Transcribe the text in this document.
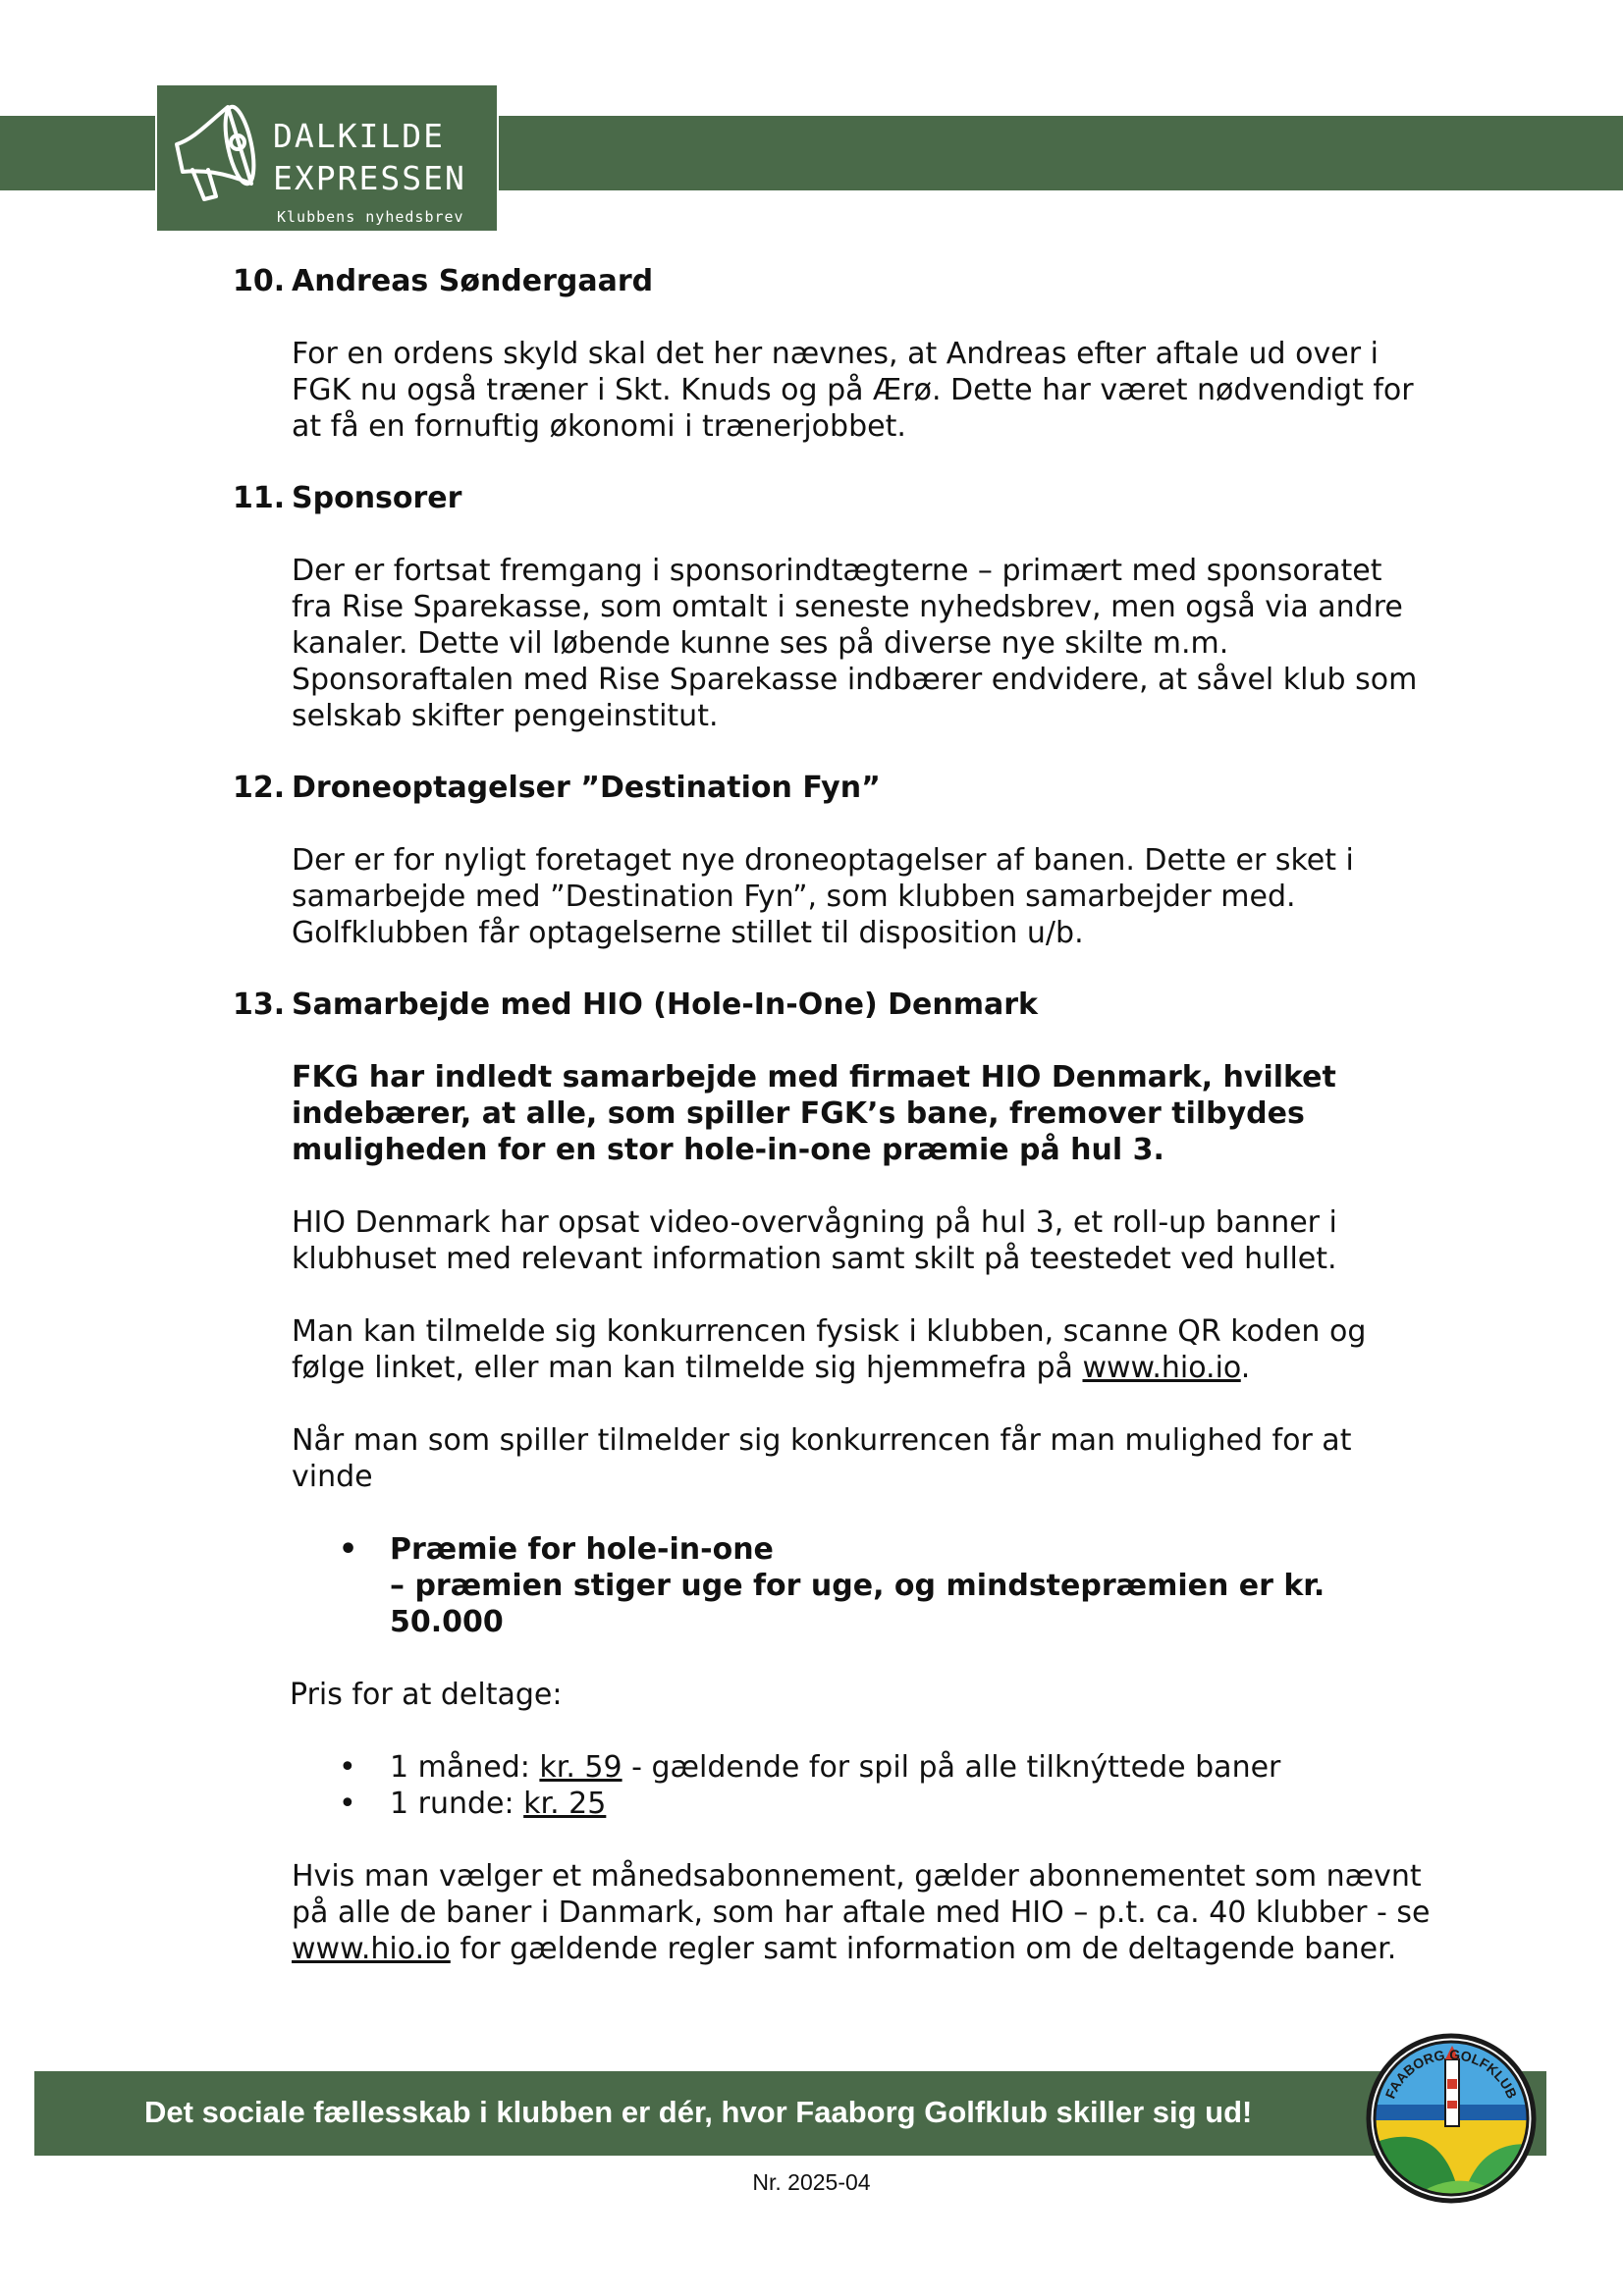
DALKILDE
EXPRESSEN
Klubbens nyhedsbrev
10. Andreas Søndergaard

For en ordens skyld skal det her nævnes, at Andreas efter aftale ud over i FGK nu også træner i Skt. Knuds og på Ærø. Dette har været nødvendigt for at få en fornuftig økonomi i trænerjobbet.

11. Sponsorer

Der er fortsat fremgang i sponsorindtægterne – primært med sponsoratet fra Rise Sparekasse, som omtalt i seneste nyhedsbrev, men også via andre kanaler. Dette vil løbende kunne ses på diverse nye skilte m.m. Sponsoraftalen med Rise Sparekasse indbærer endvidere, at såvel klub som selskab skifter pengeinstitut.

12. Droneoptagelser ”Destination Fyn”

Der er for nyligt foretaget nye droneoptagelser af banen. Dette er sket i samarbejde med ”Destination Fyn”, som klubben samarbejder med. Golfklubben får optagelserne stillet til disposition u/b.

13. Samarbejde med HIO (Hole-In-One) Denmark

FKG har indledt samarbejde med firmaet HIO Denmark, hvilket indebærer, at alle, som spiller FGK’s bane, fremover tilbydes muligheden for en stor hole-in-one præmie på hul 3.

HIO Denmark har opsat video-overvågning på hul 3, et roll-up banner i klubhuset med relevant information samt skilt på teestedet ved hullet.

Man kan tilmelde sig konkurrencen fysisk i klubben, scanne QR koden og følge linket, eller man kan tilmelde sig hjemmefra på www.hio.io.

Når man som spiller tilmelder sig konkurrencen får man mulighed for at vinde

• Præmie for hole-in-one
– præmien stiger uge for uge, og mindstepræmien er kr. 50.000

Pris for at deltage:

• 1 måned: kr. 59 - gældende for spil på alle tilknýttede baner
• 1 runde: kr. 25

Hvis man vælger et månedsabonnement, gælder abonnementet som nævnt på alle de baner i Danmark, som har aftale med HIO – p.t. ca. 40 klubber - se www.hio.io for gældende regler samt information om de deltagende baner.

Det sociale fællesskab i klubben er dér, hvor Faaborg Golfklub skiller sig ud!
FAABORG GOLFKLUB
Nr. 2025-04
